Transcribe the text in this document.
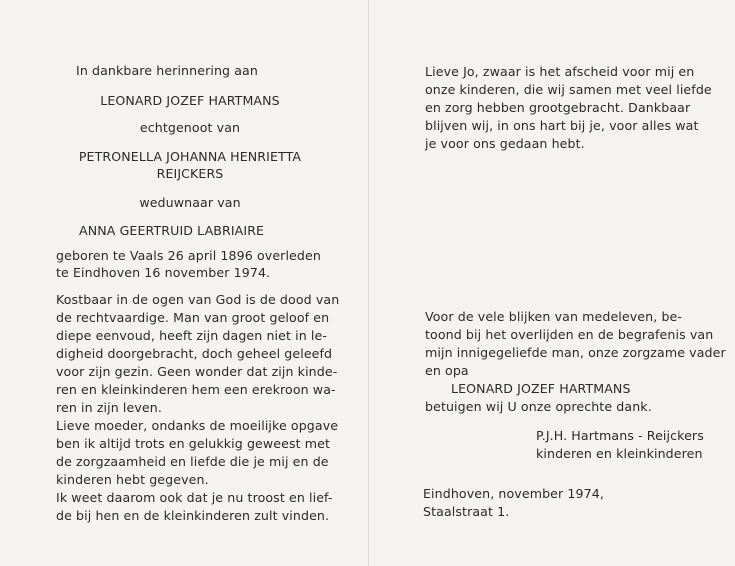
In dankbare herinnering aan
LEONARD JOZEF HARTMANS
echtgenoot van
PETRONELLA JOHANNA HENRIETTA
REIJCKERS
weduwnaar van
ANNA GEERTRUID LABRIAIRE
geboren te Vaals 26 april 1896 overleden
te Eindhoven 16 november 1974.
Kostbaar in de ogen van God is de dood van
de rechtvaardige. Man van groot geloof en
diepe eenvoud, heeft zijn dagen niet in le-
digheid doorgebracht, doch geheel geleefd
voor zijn gezin. Geen wonder dat zijn kinde-
ren en kleinkinderen hem een erekroon wa-
ren in zijn leven.
Lieve moeder, ondanks de moeilijke opgave
ben ik altijd trots en gelukkig geweest met
de zorgzaamheid en liefde die je mij en de
kinderen hebt gegeven.
Ik weet daarom ook dat je nu troost en lief-
de bij hen en de kleinkinderen zult vinden.
Lieve Jo, zwaar is het afscheid voor mij en
onze kinderen, die wij samen met veel liefde
en zorg hebben grootgebracht. Dankbaar
blijven wij, in ons hart bij je, voor alles wat
je voor ons gedaan hebt.
Voor de vele blijken van medeleven, be-
toond bij het overlijden en de begrafenis van
mijn innigegeliefde man, onze zorgzame vader
en opa
LEONARD JOZEF HARTMANS
betuigen wij U onze oprechte dank.
P.J.H. Hartmans - Reijckers
kinderen en kleinkinderen
Eindhoven, november 1974,
Staalstraat 1.
